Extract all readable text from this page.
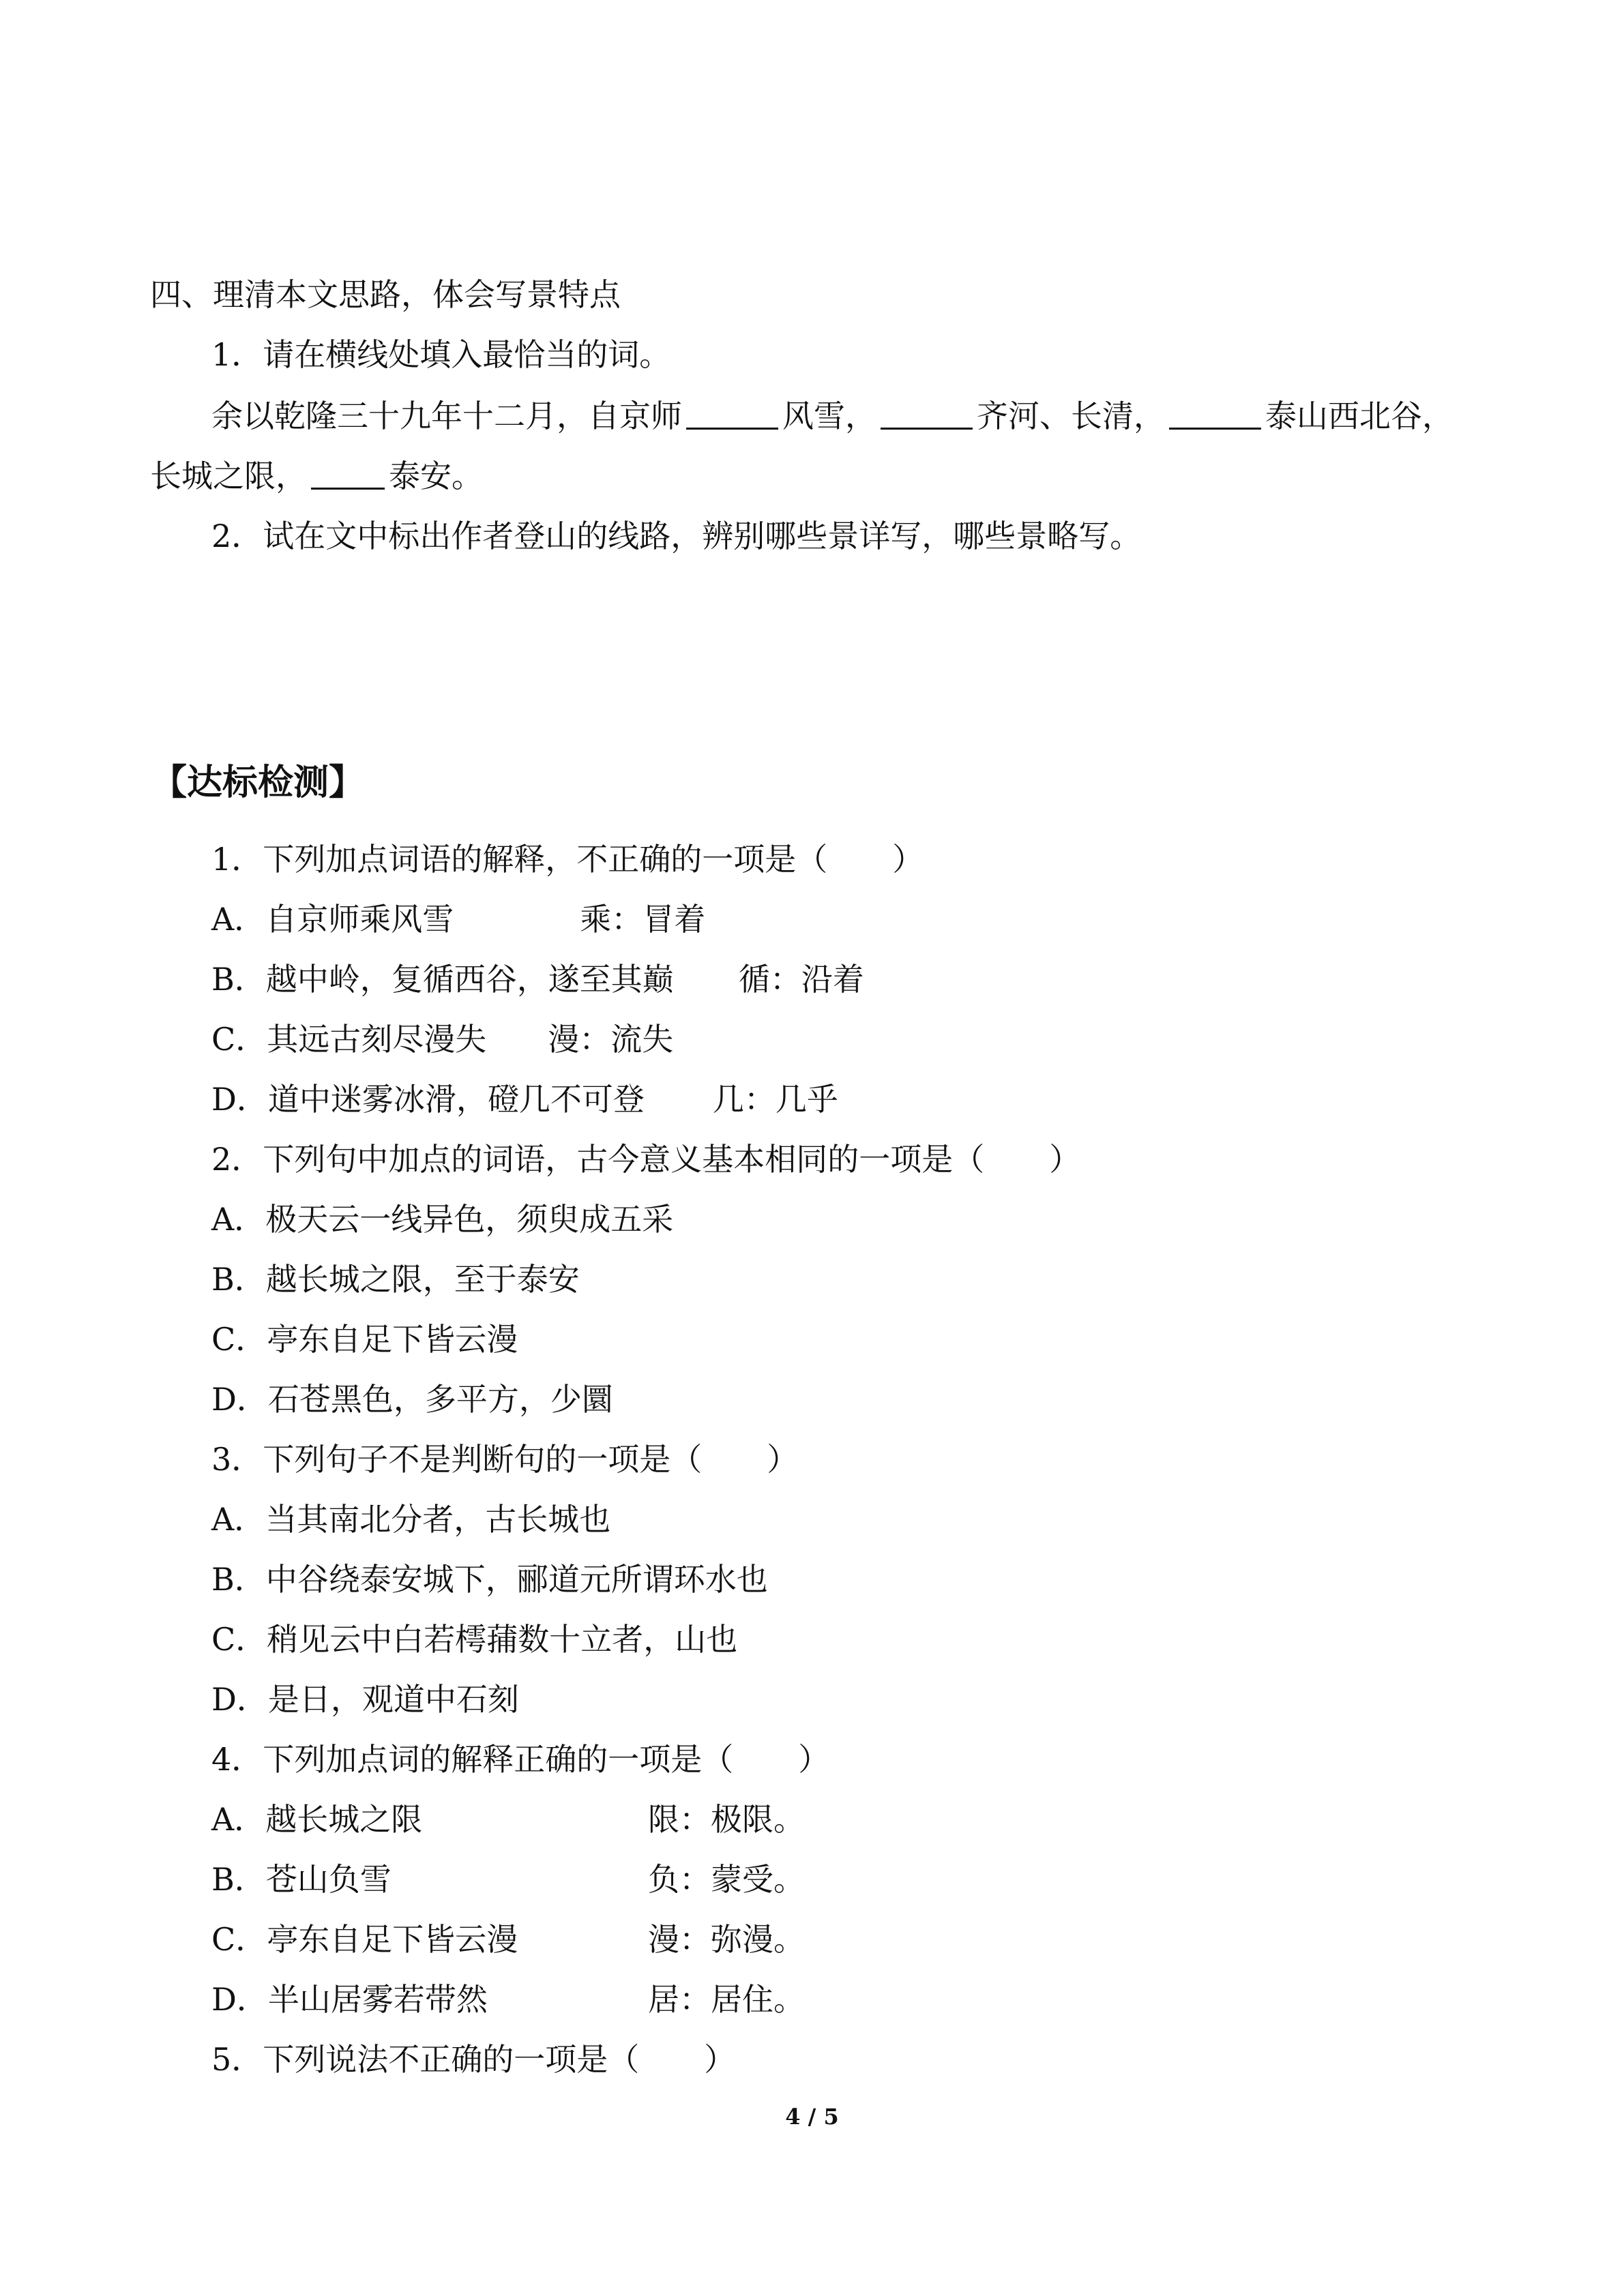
四、理清本文思路，体会写景特点
1．请在横线处填入最恰当的词。
余以乾隆三十九年十二月，自京师	风雪，	齐河、长清，	泰山西北谷，
长城之限，	泰安。
2．试在文中标出作者登山的线路，辨别哪些景详写，哪些景略写。
【达标检测】
1．下列加点词语的解释，不正确的一项是（ ）
A．自京师乘风雪	乘：冒着
B．越中岭，复循西谷，遂至其巅 循：沿着
C．其远古刻尽漫失 漫：流失
D．道中迷雾冰滑，磴几不可登 几：几乎
2．下列句中加点的词语，古今意义基本相同的一项是（ ）
A．极天云一线异色，须臾成五采
B．越长城之限，至于泰安
C．亭东自足下皆云漫
D．石苍黑色，多平方，少圜
3．下列句子不是判断句的一项是（ ）
A．当其南北分者，古长城也
B．中谷绕泰安城下，郦道元所谓环水也
C．稍见云中白若樗蒱数十立者，山也
D．是日，观道中石刻
4．下列加点词的解释正确的一项是（ ）
A．越长城之限	限：极限。
B．苍山负雪	负：蒙受。
C．亭东自足下皆云漫	漫：弥漫。
D．半山居雾若带然	居：居住。
5．下列说法不正确的一项是（ ）
4 / 5
